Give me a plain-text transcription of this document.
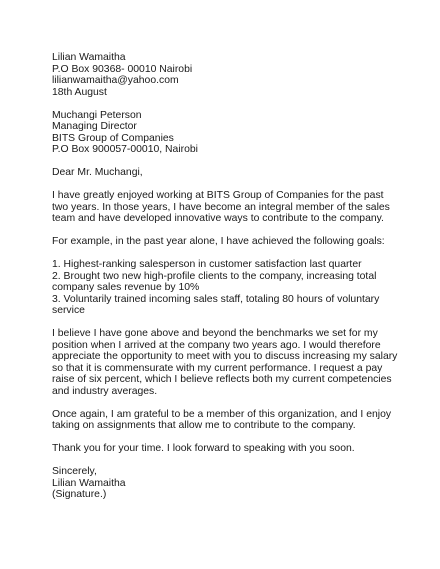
Lilian Wamaitha
P.O Box 90368- 00010 Nairobi
lilianwamaitha@yahoo.com
18th August
Muchangi Peterson
Managing Director
BITS Group of Companies
P.O Box 900057-00010, Nairobi
Dear Mr. Muchangi,
I have greatly enjoyed working at BITS Group of Companies for the past
two years. In those years, I have become an integral member of the sales
team and have developed innovative ways to contribute to the company.
For example, in the past year alone, I have achieved the following goals:
1. Highest-ranking salesperson in customer satisfaction last quarter
2. Brought two new high-profile clients to the company, increasing total
company sales revenue by 10%
3. Voluntarily trained incoming sales staff, totaling 80 hours of voluntary
service
I believe I have gone above and beyond the benchmarks we set for my
position when I arrived at the company two years ago. I would therefore
appreciate the opportunity to meet with you to discuss increasing my salary
so that it is commensurate with my current performance. I request a pay
raise of six percent, which I believe reflects both my current competencies
and industry averages.
Once again, I am grateful to be a member of this organization, and I enjoy
taking on assignments that allow me to contribute to the company.
Thank you for your time. I look forward to speaking with you soon.
Sincerely,
Lilian Wamaitha
(Signature.)
